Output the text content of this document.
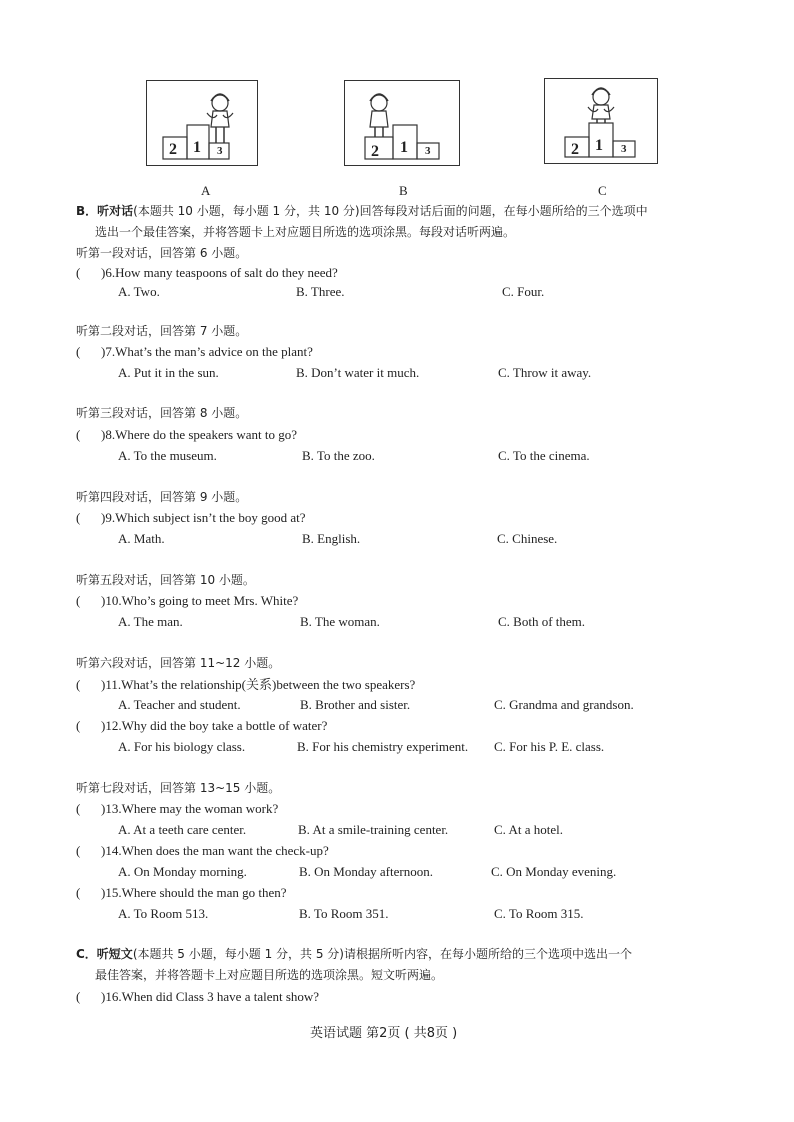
2 1 3	2 1 3	2 1 3
A	B	C
B．听对话(本题共 10 小题，每小题 1 分，共 10 分)回答每段对话后面的问题，在每小题所给的三个选项中
选出一个最佳答案，并将答题卡上对应题目所选的选项涂黑。每段对话听两遍。
听第一段对话，回答第 6 小题。
( )6.How many teaspoons of salt do they need?
A. Two.	B. Three.	C. Four.
听第二段对话，回答第 7 小题。
( )7.What’s the man’s advice on the plant?
A. Put it in the sun.	B. Don’t water it much.	C. Throw it away.
听第三段对话，回答第 8 小题。
( )8.Where do the speakers want to go?
A. To the museum.	B. To the zoo.	C. To the cinema.
听第四段对话，回答第 9 小题。
( )9.Which subject isn’t the boy good at?
A. Math.	B. English.	C. Chinese.
听第五段对话，回答第 10 小题。
( )10.Who’s going to meet Mrs. White?
A. The man.	B. The woman.	C. Both of them.
听第六段对话，回答第 11~12 小题。
( )11.What’s the relationship(关系)between the two speakers?
A. Teacher and student.	B. Brother and sister.	C. Grandma and grandson.
( )12.Why did the boy take a bottle of water?
A. For his biology class.	B. For his chemistry experiment. C. For his P. E. class.
听第七段对话，回答第 13~15 小题。
( )13.Where may the woman work?
A. At a teeth care center.	B. At a smile-training center.	C. At a hotel.
( )14.When does the man want the check-up?
A. On Monday morning.	B. On Monday afternoon.	C. On Monday evening.
( )15.Where should the man go then?
A. To Room 513.	B. To Room 351.	C. To Room 315.
C．听短文(本题共 5 小题，每小题 1 分，共 5 分)请根据所听内容，在每小题所给的三个选项中选出一个
最佳答案，并将答题卡上对应题目所选的选项涂黑。短文听两遍。
( )16.When did Class 3 have a talent show?
英语试题 第2页 ( 共8页 )
